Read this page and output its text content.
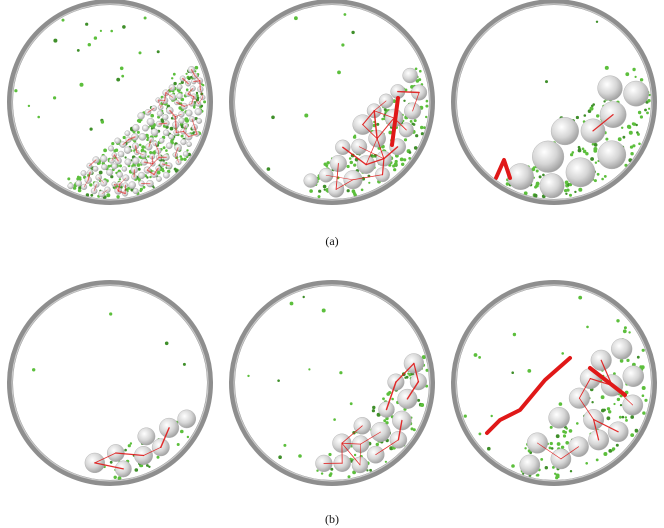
(a)
(b)
